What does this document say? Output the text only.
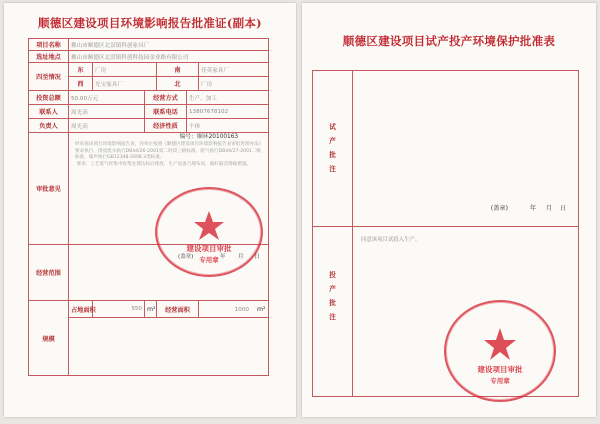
顺德区建设项目环境影响报告批准证(副本)
项目名称	佛山市顺德区北滘镇科创家具厂					
选址地点	佛山市顺德区北滘镇科创科技园金业路有限公司					
四至情况	东	厂房		南		佳英家具厂
	西	光宝家具厂		北		厂房
投资总额	50.00万元		经营方式		生产、加工	
联系人	周光高		联系电话		13807678102	
负责人	周光高		经济性质		个体	
审批意见	编号：顺环20100163
经审查该项目环境影响报告表，你单位按照《顺德区建设项目环境影响报告表审批管理办法》要求执行，排放废水执行DB44/26-2001第二时段三级标准，废气执行DB44/27-2001二级标准，噪声执行GB12348-2008 3类标准。
要求：工艺废气经集中收集处理达标后排放，生产设备合理布局，做好隔音降噪措施。					

经营范围						
规模	占地面积	550	m²	经营面积		1000 m²

建设项目审批
专用章
(盖章)	年 月 日
顺德区建设项目试产投产环境保护批准表
试产批注	(盖章) 年 月 日

投产批注	同意该项目试投入生产。
建设项目审批
专用章
